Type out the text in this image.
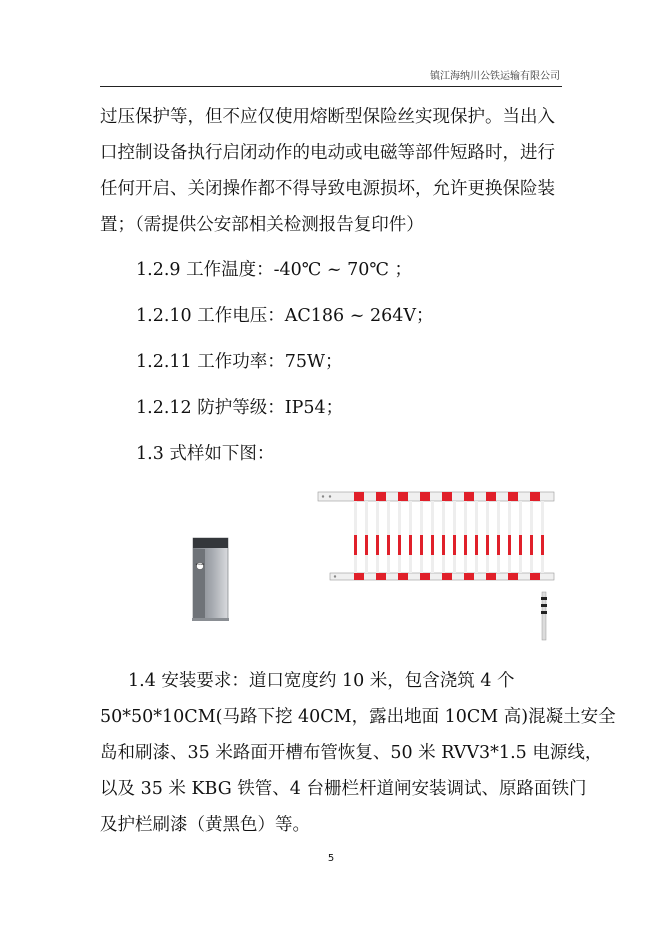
镇江海纳川公铁运输有限公司

过压保护等，但不应仅使用熔断型保险丝实现保护。当出入

口控制设备执行启闭动作的电动或电磁等部件短路时，进行

任何开启、关闭操作都不得导致电源损坏，允许更换保险装

置；（需提供公安部相关检测报告复印件）

1.2.9 工作温度：-40℃ ~ 70℃ ；
1.2.10 工作电压：AC186 ~ 264V；
1.2.11 工作功率：75W；
1.2.12 防护等级：IP54；
1.3 式样如下图：
BOBNAX

1.4 安装要求：道口宽度约 10 米，包含浇筑 4 个

50*50*10CM(马路下挖 40CM，露出地面 10CM 高)混凝土安全

岛和刷漆、35 米路面开槽布管恢复、50 米 RVV3*1.5 电源线，

以及 35 米 KBG 铁管、4 台栅栏杆道闸安装调试、原路面铁门

及护栏刷漆（黄黑色）等。

5
